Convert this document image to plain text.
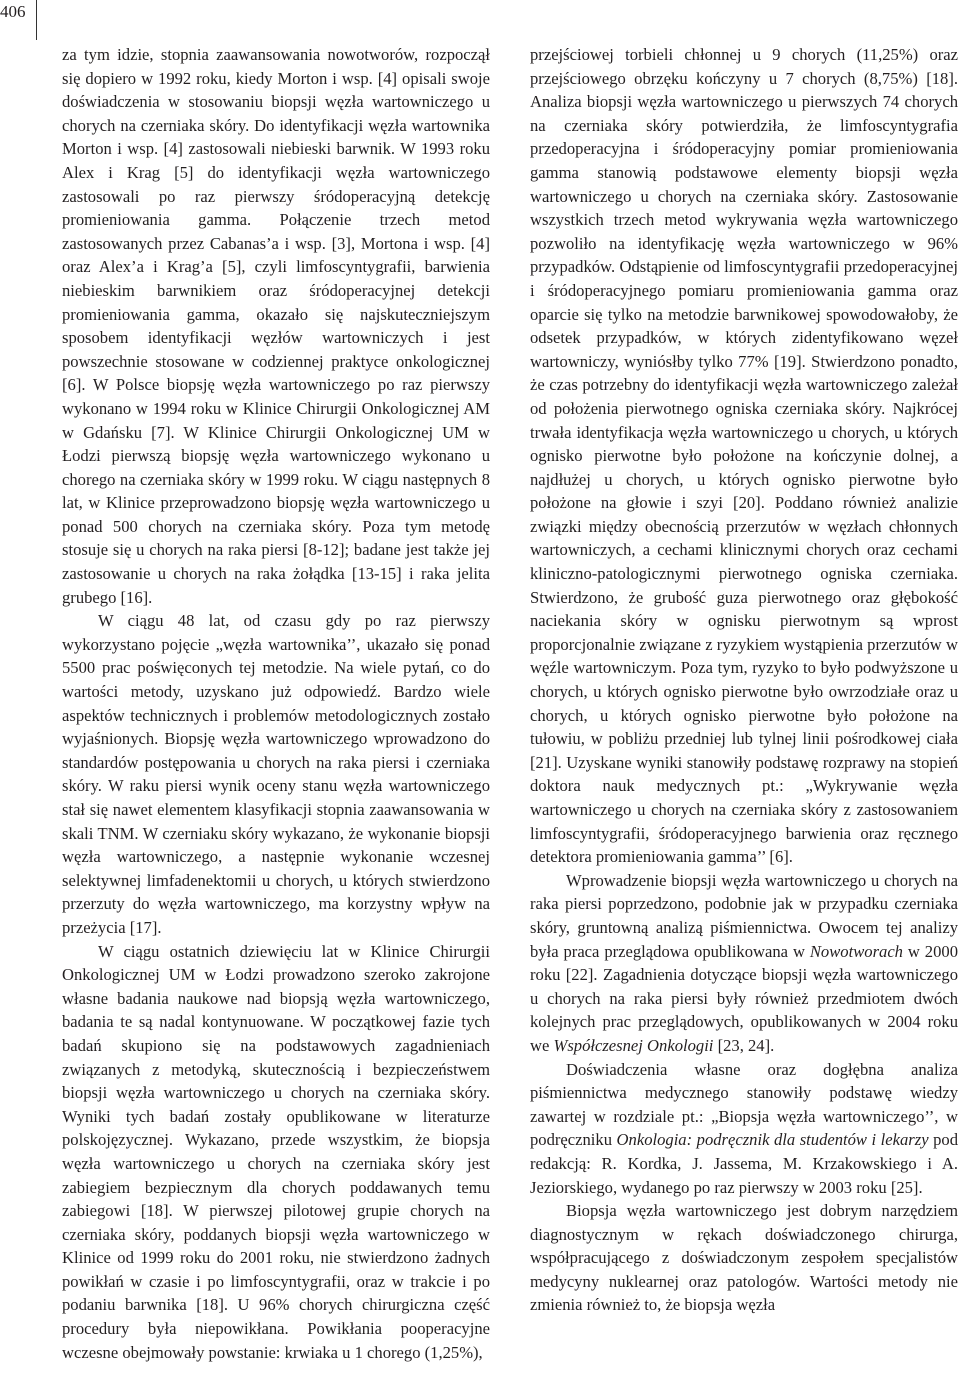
406

za tym idzie, stopnia zaawansowania nowotworów, rozpoczął się dopiero w 1992 roku, kiedy Morton i wsp. [4] opisali swoje doświadczenia w stosowaniu biopsji węzła wartowniczego u chorych na czerniaka skóry. Do identyfikacji węzła wartownika Morton i wsp. [4] zastosowali niebieski barwnik. W 1993 roku Alex i Krag [5] do identyfikacji węzła wartowniczego zastosowali po raz pierwszy śródoperacyjną detekcję promieniowania gamma. Połączenie trzech metod zastosowanych przez Cabanas’a i wsp. [3], Mortona i wsp. [4] oraz Alex’a i Krag’a [5], czyli limfoscyntygrafii, barwienia niebieskim barwnikiem oraz śródoperacyjnej detekcji promieniowania gamma, okazało się najskuteczniejszym sposobem identyfikacji węzłów wartowniczych i jest powszechnie stosowane w codziennej praktyce onkologicznej [6]. W Polsce biopsję węzła wartowniczego po raz pierwszy wykonano w 1994 roku w Klinice Chirurgii Onkologicznej AM w Gdańsku [7]. W Klinice Chirurgii Onkologicznej UM w Łodzi pierwszą biopsję węzła wartowniczego wykonano u chorego na czerniaka skóry w 1999 roku. W ciągu następnych 8 lat, w Klinice przeprowadzono biopsję węzła wartowniczego u ponad 500 chorych na czerniaka skóry. Poza tym metodę stosuje się u chorych na raka piersi [8-12]; badane jest także jej zastosowanie u chorych na raka żołądka [13-15] i raka jelita grubego [16].

W ciągu 48 lat, od czasu gdy po raz pierwszy wykorzystano pojęcie „węzła wartownika’’, ukazało się ponad 5500 prac poświęconych tej metodzie. Na wiele pytań, co do wartości metody, uzyskano już odpowiedź. Bardzo wiele aspektów technicznych i problemów metodologicznych zostało wyjaśnionych. Biopsję węzła wartowniczego wprowadzono do standardów postępowania u chorych na raka piersi i czerniaka skóry. W raku piersi wynik oceny stanu węzła wartowniczego stał się nawet elementem klasyfikacji stopnia zaawansowania w skali TNM. W czerniaku skóry wykazano, że wykonanie biopsji węzła wartowniczego, a następnie wykonanie wczesnej selektywnej limfadenektomii u chorych, u których stwierdzono przerzuty do węzła wartowniczego, ma korzystny wpływ na przeżycia [17].

W ciągu ostatnich dziewięciu lat w Klinice Chirurgii Onkologicznej UM w Łodzi prowadzono szeroko zakrojone własne badania naukowe nad biopsją węzła wartowniczego, badania te są nadal kontynuowane. W początkowej fazie tych badań skupiono się na podstawowych zagadnieniach związanych z metodyką, skutecznością i bezpieczeństwem biopsji węzła wartowniczego u chorych na czerniaka skóry. Wyniki tych badań zostały opublikowane w literaturze polskojęzycznej. Wykazano, przede wszystkim, że biopsja węzła wartowniczego u chorych na czerniaka skóry jest zabiegiem bezpiecznym dla chorych poddawanych temu zabiegowi [18]. W pierwszej pilotowej grupie chorych na czerniaka skóry, poddanych biopsji węzła wartowniczego w Klinice od 1999 roku do 2001 roku, nie stwierdzono żadnych powikłań w czasie i po limfoscyntygrafii, oraz w trakcie i po podaniu barwnika [18]. U 96% chorych chirurgiczna część procedury była niepowikłana. Powikłania pooperacyjne wczesne obejmowały powstanie: krwiaka u 1 chorego (1,25%),

przejściowej torbieli chłonnej u 9 chorych (11,25%) oraz przejściowego obrzęku kończyny u 7 chorych (8,75%) [18]. Analiza biopsji węzła wartowniczego u pierwszych 74 chorych na czerniaka skóry potwierdziła, że limfoscyntygrafia przedoperacyjna i śródoperacyjny pomiar promieniowania gamma stanowią podstawowe elementy biopsji węzła wartowniczego u chorych na czerniaka skóry. Zastosowanie wszystkich trzech metod wykrywania węzła wartowniczego pozwoliło na identyfikację węzła wartowniczego w 96% przypadków. Odstąpienie od limfoscyntygrafii przedoperacyjnej i śródoperacyjnego pomiaru promieniowania gamma oraz oparcie się tylko na metodzie barwnikowej spowodowałoby, że odsetek przypadków, w których zidentyfikowano węzeł wartowniczy, wyniósłby tylko 77% [19]. Stwierdzono ponadto, że czas potrzebny do identyfikacji węzła wartowniczego zależał od położenia pierwotnego ogniska czerniaka skóry. Najkrócej trwała identyfikacja węzła wartowniczego u chorych, u których ognisko pierwotne było położone na kończynie dolnej, a najdłużej u chorych, u których ognisko pierwotne było położone na głowie i szyi [20]. Poddano również analizie związki między obecnością przerzutów w węzłach chłonnych wartowniczych, a cechami klinicznymi chorych oraz cechami kliniczno-patologicznymi pierwotnego ogniska czerniaka. Stwierdzono, że grubość guza pierwotnego oraz głębokość naciekania skóry w ognisku pierwotnym są wprost proporcjonalnie związane z ryzykiem wystąpienia przerzutów w węźle wartowniczym. Poza tym, ryzyko to było podwyższone u chorych, u których ognisko pierwotne było owrzodziałe oraz u chorych, u których ognisko pierwotne było położone na tułowiu, w pobliżu przedniej lub tylnej linii pośrodkowej ciała [21]. Uzyskane wyniki stanowiły podstawę rozprawy na stopień doktora nauk medycznych pt.: „Wykrywanie węzła wartowniczego u chorych na czerniaka skóry z zastosowaniem limfoscyntygrafii, śródoperacyjnego barwienia oraz ręcznego detektora promieniowania gamma’’ [6].

Wprowadzenie biopsji węzła wartowniczego u chorych na raka piersi poprzedzono, podobnie jak w przypadku czerniaka skóry, gruntowną analizą piśmiennictwa. Owocem tej analizy była praca przeglądowa opublikowana w Nowotworach w 2000 roku [22]. Zagadnienia dotyczące biopsji węzła wartowniczego u chorych na raka piersi były również przedmiotem dwóch kolejnych prac przeglądowych, opublikowanych w 2004 roku we Współczesnej Onkologii [23, 24].

Doświadczenia własne oraz dogłębna analiza piśmiennictwa medycznego stanowiły podstawę wiedzy zawartej w rozdziale pt.: „Biopsja węzła wartowniczego’’, w podręczniku Onkologia: podręcznik dla studentów i lekarzy pod redakcją: R. Kordka, J. Jassema, M. Krzakowskiego i A. Jeziorskiego, wydanego po raz pierwszy w 2003 roku [25].

Biopsja węzła wartowniczego jest dobrym narzędziem diagnostycznym w rękach doświadczonego chirurga, współpracującego z doświadczonym zespołem specjalistów medycyny nuklearnej oraz patologów. Wartości metody nie zmienia również to, że biopsja węzła
